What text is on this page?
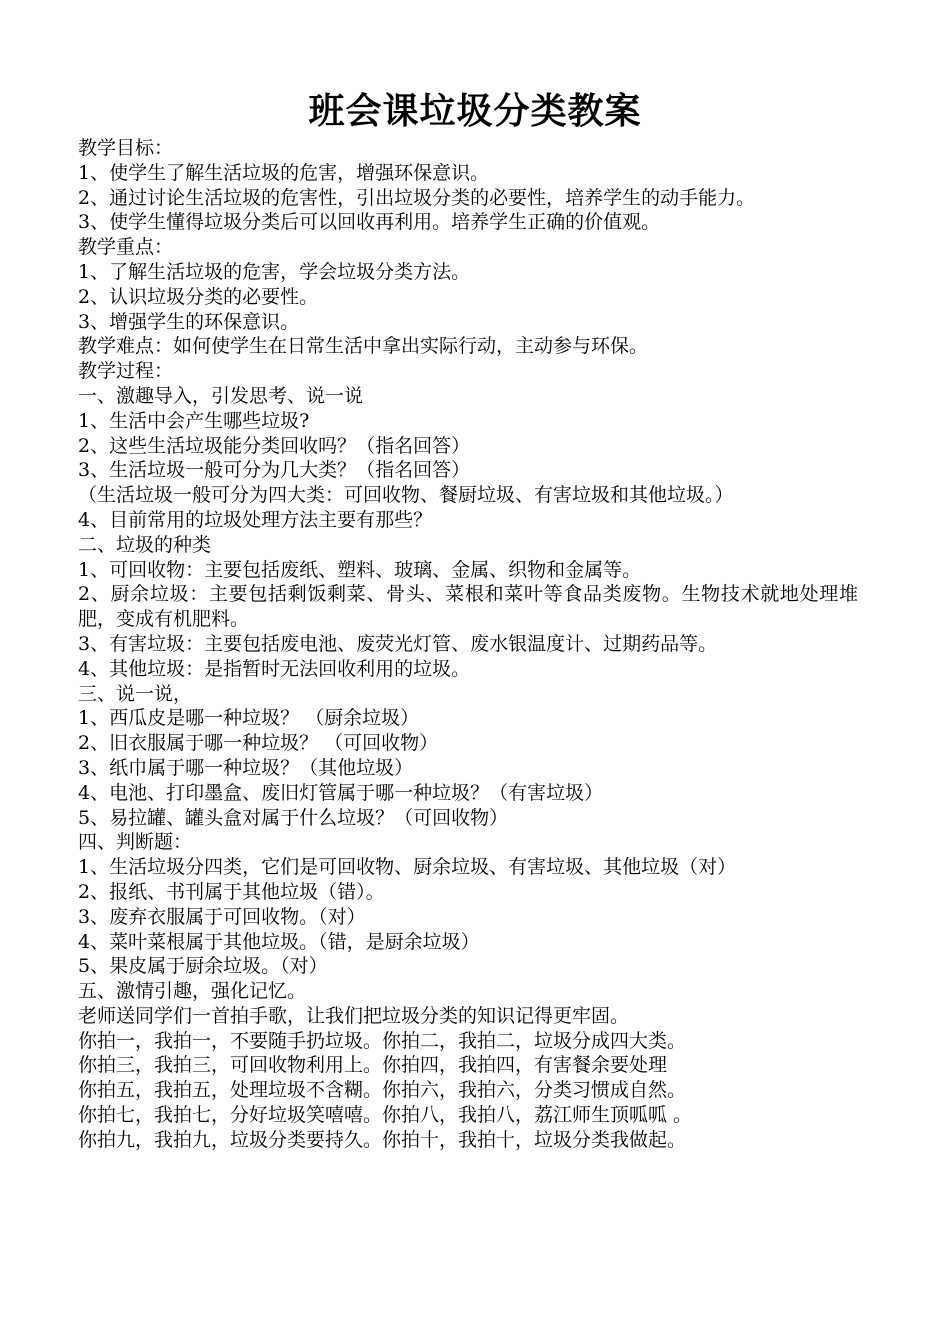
班会课垃圾分类教案

教学目标：

1、使学生了解生活垃圾的危害，增强环保意识。

2、通过讨论生活垃圾的危害性，引出垃圾分类的必要性，培养学生的动手能力。

3、使学生懂得垃圾分类后可以回收再利用。培养学生正确的价值观。

教学重点：

1、了解生活垃圾的危害，学会垃圾分类方法。

2、认识垃圾分类的必要性。

3、增强学生的环保意识。

教学难点：如何使学生在日常生活中拿出实际行动，主动参与环保。

教学过程：

一、激趣导入，引发思考、说一说

1、生活中会产生哪些垃圾?

2、这些生活垃圾能分类回收吗？（指名回答）

3、生活垃圾一般可分为几大类？（指名回答）

（生活垃圾一般可分为四大类：可回收物、餐厨垃圾、有害垃圾和其他垃圾。）

4、目前常用的垃圾处理方法主要有那些？

二、垃圾的种类

1、可回收物：主要包括废纸、塑料、玻璃、金属、织物和金属等。

2、厨余垃圾：主要包括剩饭剩菜、骨头、菜根和菜叶等食品类废物。生物技术就地处理堆肥，变成有机肥料。

3、有害垃圾：主要包括废电池、废荧光灯管、废水银温度计、过期药品等。

4、其他垃圾：是指暂时无法回收利用的垃圾。

三、说一说，

1、西瓜皮是哪一种垃圾？ （厨余垃圾）

2、旧衣服属于哪一种垃圾？ （可回收物）

3、纸巾属于哪一种垃圾？（其他垃圾）

4、电池、打印墨盒、废旧灯管属于哪一种垃圾？（有害垃圾）

5、易拉罐、罐头盒对属于什么垃圾？（可回收物）

四、判断题：

1、生活垃圾分四类，它们是可回收物、厨余垃圾、有害垃圾、其他垃圾（对）

2、报纸、书刊属于其他垃圾（错）。

3、废弃衣服属于可回收物。（对）

4、菜叶菜根属于其他垃圾。（错，是厨余垃圾）

5、果皮属于厨余垃圾。（对）

五、激情引趣，强化记忆。

老师送同学们一首拍手歌，让我们把垃圾分类的知识记得更牢固。

你拍一，我拍一，不要随手扔垃圾。你拍二，我拍二，垃圾分成四大类。

你拍三，我拍三，可回收物利用上。你拍四，我拍四，有害餐余要处理

你拍五，我拍五，处理垃圾不含糊。你拍六，我拍六，分类习惯成自然。

你拍七，我拍七，分好垃圾笑嘻嘻。你拍八，我拍八，荔江师生顶呱呱 。

你拍九，我拍九，垃圾分类要持久。你拍十，我拍十，垃圾分类我做起。
